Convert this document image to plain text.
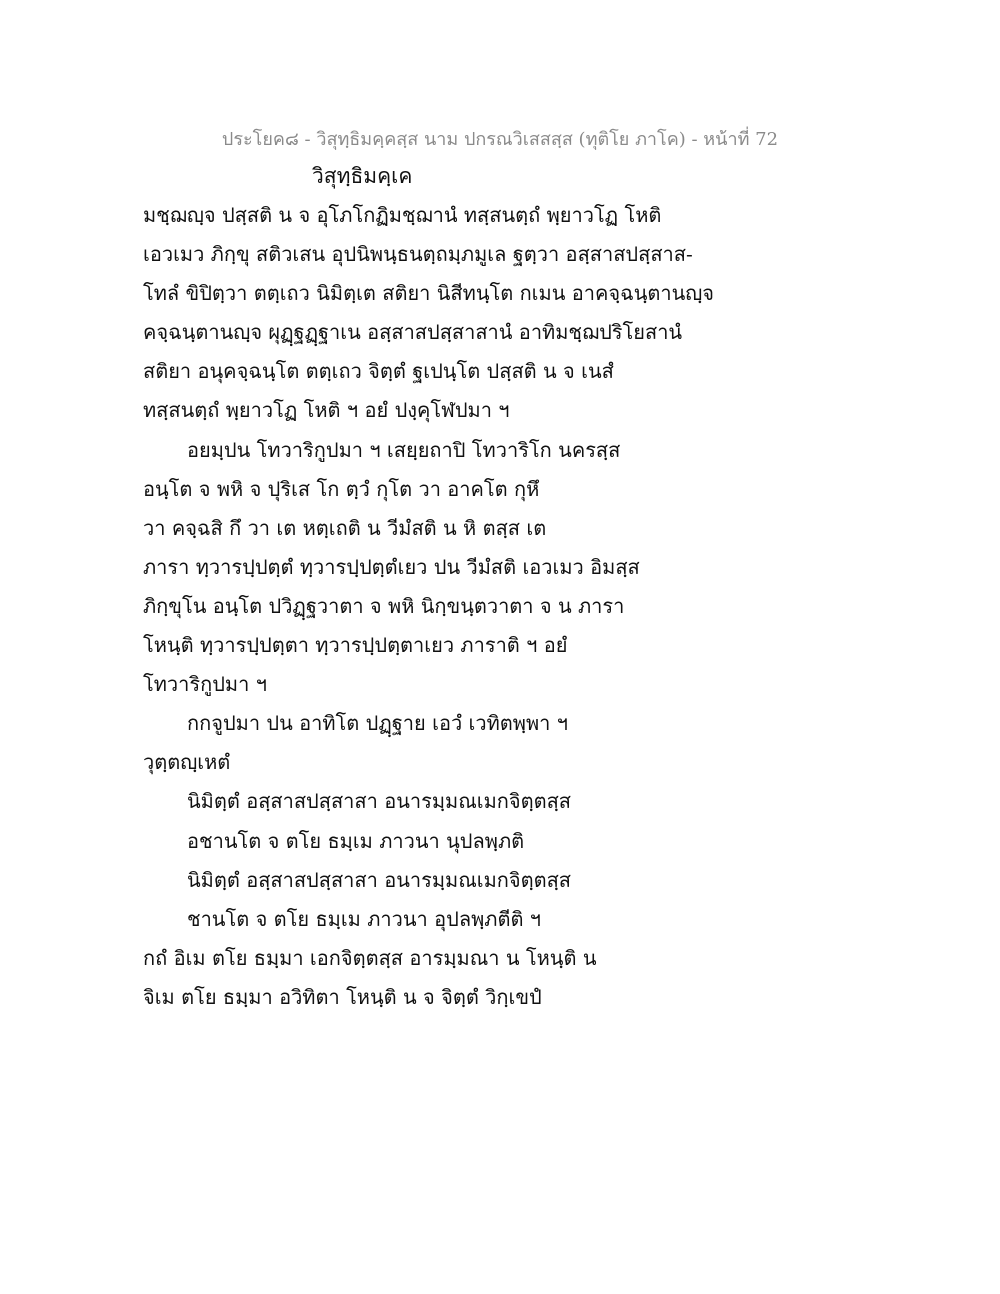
ประโยค๘ - วิสุทฺธิมคฺคสฺส นาม ปกรณวิเสสสฺส (ทุติโย ภาโค) - หน้าที่ 72
วิสุทฺธิมคฺเค
มชฺฌญฺจ ปสฺสติ น จ อุโภโกฏิมชฺฌานํ ทสฺสนตฺถํ พฺยาวโฏ โหติ
เอวเมว ภิกฺขุ สติวเสน อุปนิพนฺธนตฺถมฺภมูเล ฐตฺวา อสฺสาสปสฺสาส-
โทลํ ขิปิตฺวา ตตฺเถว นิมิตฺเต สติยา นิสีทนฺโต กเมน อาคจฺฉนฺตานญฺจ
คจฺฉนฺตานญฺจ ผุฏฺฐฏฺฐาเน อสฺสาสปสฺสาสานํ อาทิมชฺฌปริโยสานํ
สติยา อนุคจฺฉนฺโต ตตฺเถว จิตฺตํ ฐเปนฺโต ปสฺสติ น จ เนสํ
ทสฺสนตฺถํ พฺยาวโฏ โหติ ฯ อยํ ปงฺคุโฬปมา ฯ
อยมฺปน โทวาริกูปมา ฯ เสยฺยถาปิ โทวาริโก นครสฺส
อนฺโต จ พหิ จ ปุริเส โก ตฺวํ กุโต วา อาคโต กุหึ
วา คจฺฉสิ กึ วา เต หตฺเถติ น วีมํสติ น หิ ตสฺส เต
ภารา ทฺวารปฺปตฺตํ ทฺวารปฺปตฺตํเยว ปน วีมํสติ เอวเมว อิมสฺส
ภิกฺขุโน อนฺโต ปวิฏฺฐวาตา จ พหิ นิกฺขนฺตวาตา จ น ภารา
โหนฺติ ทฺวารปฺปตฺตา ทฺวารปฺปตฺตาเยว ภาราติ ฯ อยํ
โทวาริกูปมา ฯ
กกจูปมา ปน อาทิโต ปฏฺฐาย เอวํ เวทิตพฺพา ฯ
วุตฺตญฺเหตํ
นิมิตฺตํ อสฺสาสปสฺสาสา อนารมฺมณเมกจิตฺตสฺส
อชานโต จ ตโย ธมฺเม ภาวนา นุปลพฺภติ
นิมิตฺตํ อสฺสาสปสฺสาสา อนารมฺมณเมกจิตฺตสฺส
ชานโต จ ตโย ธมฺเม ภาวนา อุปลพฺภตีติ ฯ
กถํ อิเม ตโย ธมฺมา เอกจิตฺตสฺส อารมฺมณา น โหนฺติ น
จิเม ตโย ธมฺมา อวิทิตา โหนฺติ น จ จิตฺตํ วิกฺเขปํ
